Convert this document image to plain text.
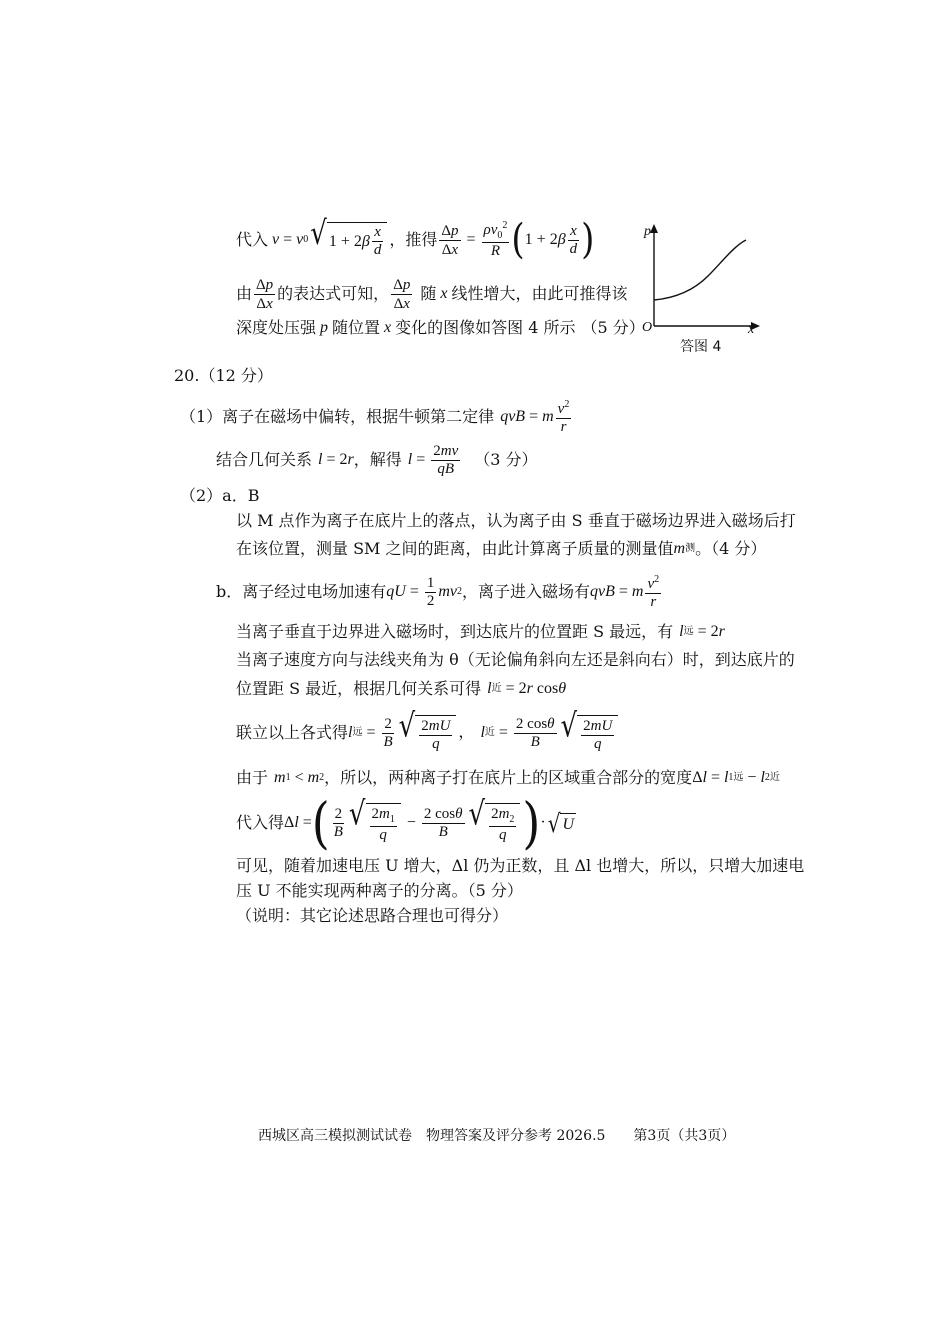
代入 v = v 0 √ 1 + 2 β $\frac{x}{d}$ ，推得 $\frac{\Delta p}{\Delta x} = \frac{\rho v_0^2}{R}$ ( 1 + 2 β $\frac{x}{d}$ )
由 $\frac{\Delta p}{\Delta x}$ 的表达式可知， $\frac{\Delta p}{\Delta x}$ 随 x 线性增大，由此可推得该
深度处压强 p 随位置 x 变化的图像如答图 4 所示 （5 分）
p
O	x
答图 4
20.（12 分）
（1）离子在磁场中偏转，根据牛顿第二定律 qvB = m $\frac{v^2}{r}$
结合几何关系 l = 2 r ，解得 $l = \frac{2mv}{qB} (3$ 分）
（2）a．B
以 M 点作为离子在底片上的落点，认为离子由 S 垂直于磁场边界进入磁场后打
在该位置，测量 SM 之间的距离，由此计算离子质量的测量值 m 测 。（4 分）
b．离子经过电场加速有 qU = $\frac{1}{2}$ mv 2 ，离子进入磁场有 qvB = m $\frac{v^2}{r}$
当离子垂直于边界进入磁场时，到达底片的位置距 S 最远，有 l 远 = 2 r
当离子速度方向与法线夹角为 θ（无论偏角斜向左还是斜向右）时，到达底片的
位置距 S 最近，根据几何关系可得 l 近 = 2 r cos θ
联立以上各式得 l 远 = $\frac{2}{B}$ √ $\frac{2mU}{q}$ ， l 近 = $\frac{2 \cos\theta}{B}$ √ $\frac{2mU}{q}$
由于 m 1 < m 2 ，所以，两种离子打在底片上的区域重合部分的宽度 Δ l = l 1远 − l 2近
代入得 Δ l = ( $\frac{2}{B}$ √ $\frac{2m_1}{q} - \frac{2 \cos\theta}{B}$ √ $\frac{2m_2}{q}$ ) · √ U
可见，随着加速电压 U 增大，Δl 仍为正数，且 Δl 也增大，所以，只增大加速电
压 U 不能实现两种离子的分离。（5 分）
（说明：其它论述思路合理也可得分）
西城区高三模拟测试试卷　物理答案及评分参考 2026.5　　第3页（共3页）
